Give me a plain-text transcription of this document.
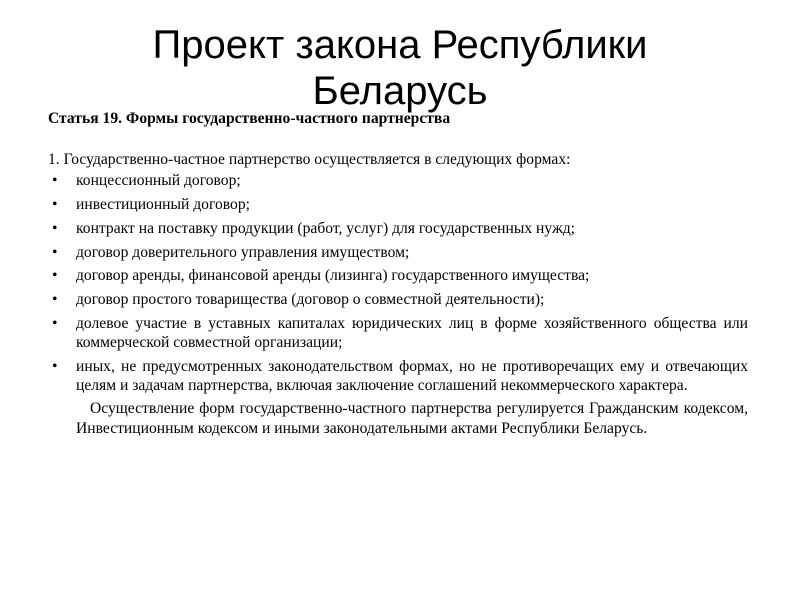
Проект закона Республики Беларусь

Статья 19. Формы государственно-частного партнерства

1. Государственно-частное партнерство осуществляется в следующих формах:

• концессионный договор;
• инвестиционный договор;
• контракт на поставку продукции (работ, услуг) для государственных нужд;
• договор доверительного управления имуществом;
• договор аренды, финансовой аренды (лизинга) государственного имущества;
• договор простого товарищества (договор о совместной деятельности);
• долевое участие в уставных капиталах юридических лиц в форме хозяйственного общества или коммерческой совместной организации;
• иных, не предусмотренных законодательством формах, но не противоречащих ему и отвечающих целям и задачам партнерства, включая заключение соглашений некоммерческого характера.

Осуществление форм государственно-частного партнерства регулируется Гражданским кодексом, Инвестиционным кодексом и иными законодательными актами Республики Беларусь.
